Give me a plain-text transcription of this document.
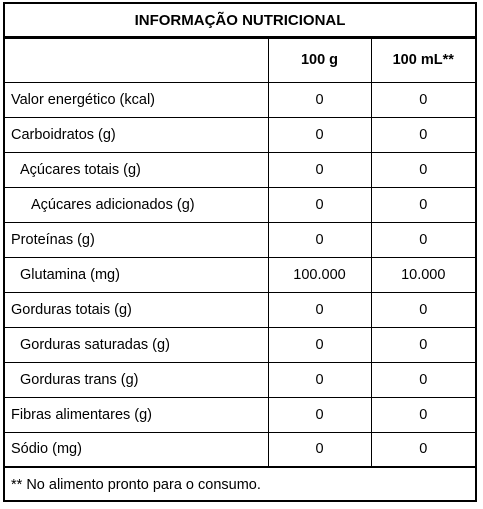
INFORMAÇÃO NUTRICIONAL
	100 g	100 mL**
Valor energético (kcal)	0	0
Carboidratos (g)	0	0
Açúcares totais (g)	0	0
Açúcares adicionados (g)	0	0
Proteínas (g)	0	0
Glutamina (mg)	100.000	10.000
Gorduras totais (g)	0	0
Gorduras saturadas (g)	0	0
Gorduras trans (g)	0	0
Fibras alimentares (g)	0	0
Sódio (mg)	0	0
** No alimento pronto para o consumo.
